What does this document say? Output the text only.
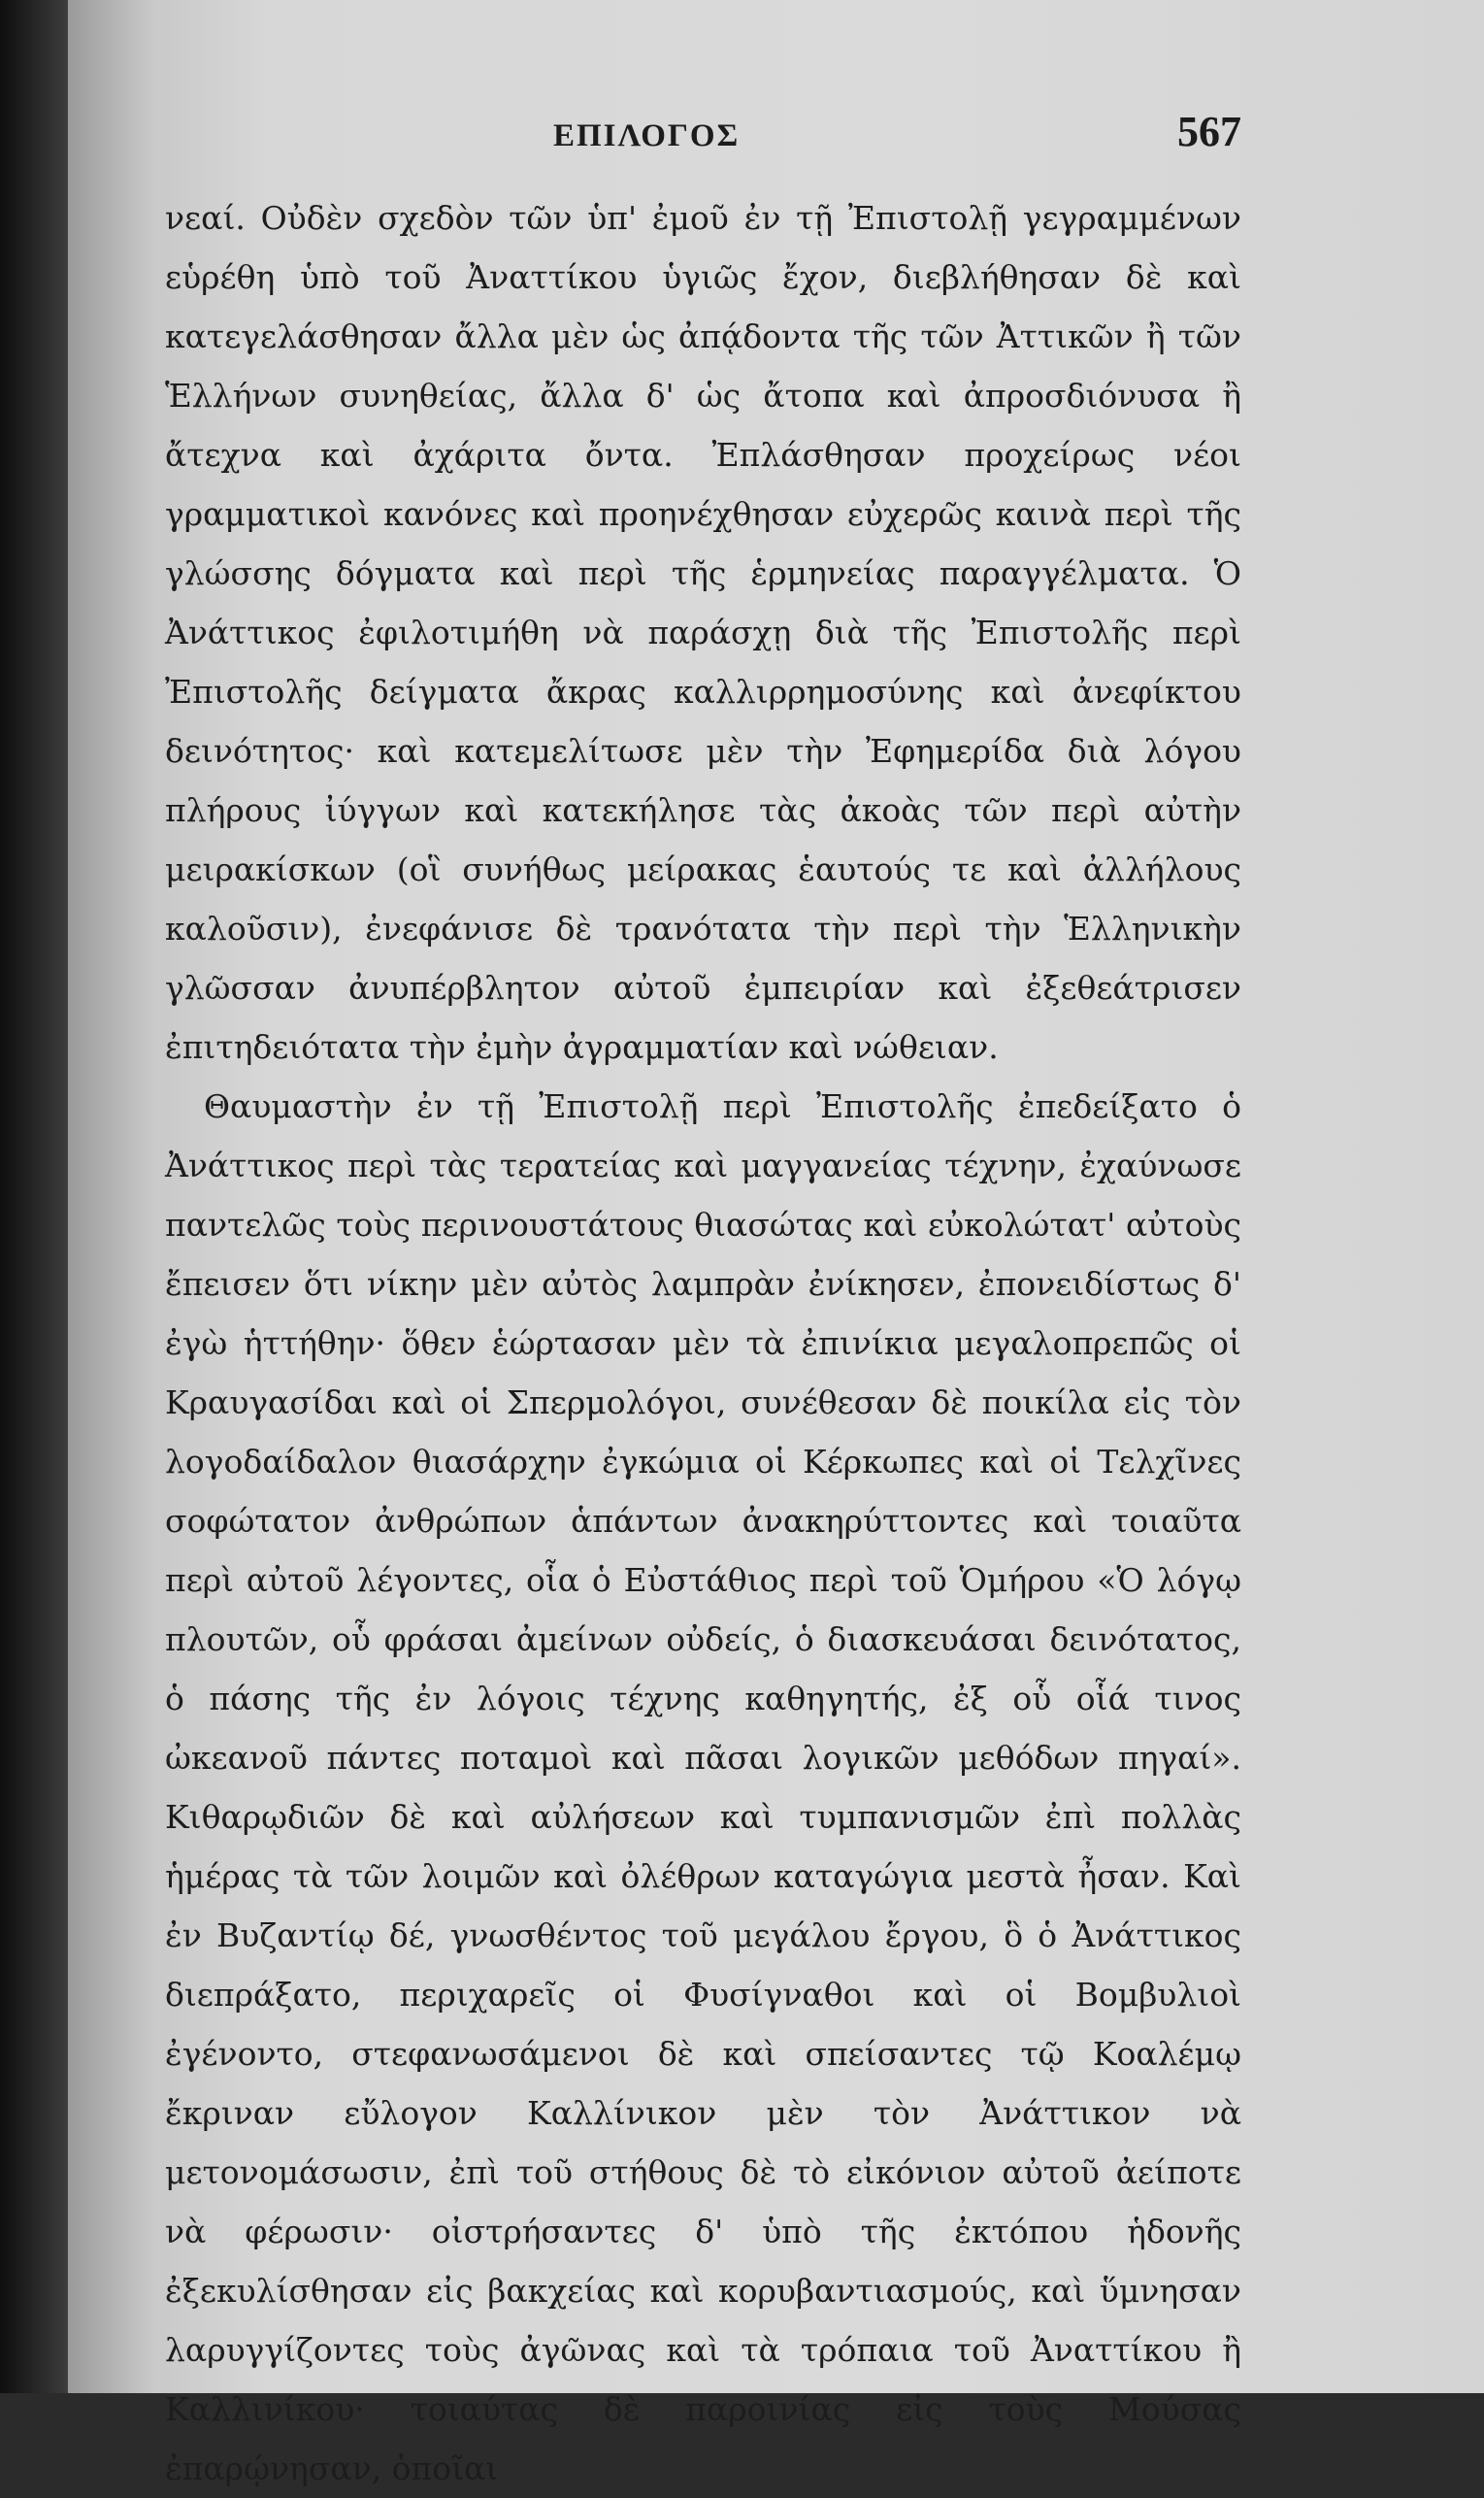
ΕΠΙΛΟΓΟΣ	567

νεαί. Οὐδὲν σχεδὸν τῶν ὑπ' ἐμοῦ ἐν τῇ Ἐπιστολῇ γεγραμμένων εὑρέθη ὑπὸ τοῦ Ἀναττίκου ὑγιῶς ἔχον, διεβλήθησαν δὲ καὶ κατεγελάσθησαν ἄλλα μὲν ὡς ἀπᾴδοντα τῆς τῶν Ἀττικῶν ἢ τῶν Ἑλλήνων συνηθείας, ἄλλα δ' ὡς ἄτοπα καὶ ἀπροσδιόνυσα ἢ ἄτεχνα καὶ ἀχάριτα ὄντα. Ἐπλάσθησαν προχείρως νέοι γραμματικοὶ κανόνες καὶ προηνέχθησαν εὐχερῶς καινὰ περὶ τῆς γλώσσης δόγματα καὶ περὶ τῆς ἑρμηνείας παραγγέλματα. Ὁ Ἀνάττικος ἐφιλοτιμήθη νὰ παράσχῃ διὰ τῆς Ἐπιστολῆς περὶ Ἐπιστολῆς δείγματα ἄκρας καλλιρρημοσύνης καὶ ἀνεφίκτου δεινότητος· καὶ κατεμελίτωσε μὲν τὴν Ἐφημερίδα διὰ λόγου πλήρους ἰύγγων καὶ κατεκήλησε τὰς ἀκοὰς τῶν περὶ αὐτὴν μειρακίσκων (οἳ συνήθως μείρακας ἑαυτούς τε καὶ ἀλλήλους καλοῦσιν), ἐνεφάνισε δὲ τρανότατα τὴν περὶ τὴν Ἑλληνικὴν γλῶσσαν ἀνυπέρβλητον αὐτοῦ ἐμπειρίαν καὶ ἐξεθεάτρισεν ἐπιτηδειότατα τὴν ἐμὴν ἀγραμματίαν καὶ νώθειαν.

Θαυμαστὴν ἐν τῇ Ἐπιστολῇ περὶ Ἐπιστολῆς ἐπεδείξατο ὁ Ἀνάττικος περὶ τὰς τερατείας καὶ μαγγανείας τέχνην, ἐχαύνωσε παντελῶς τοὺς περινουστάτους θιασώτας καὶ εὐκολώτατ' αὐτοὺς ἔπεισεν ὅτι νίκην μὲν αὐτὸς λαμπρὰν ἐνίκησεν, ἐπονειδίστως δ' ἐγὼ ἡττήθην· ὅθεν ἑώρτασαν μὲν τὰ ἐπινίκια μεγαλοπρεπῶς οἱ Κραυγασίδαι καὶ οἱ Σπερμολόγοι, συνέθεσαν δὲ ποικίλα εἰς τὸν λογοδαίδαλον θιασάρχην ἐγκώμια οἱ Κέρκωπες καὶ οἱ Τελχῖνες σοφώτατον ἀνθρώπων ἁπάντων ἀνακηρύττοντες καὶ τοιαῦτα περὶ αὐτοῦ λέγοντες, οἷα ὁ Εὐστάθιος περὶ τοῦ Ὁμήρου «Ὁ λόγῳ πλουτῶν, οὗ φράσαι ἀμείνων οὐδείς, ὁ διασκευάσαι δεινότατος, ὁ πάσης τῆς ἐν λόγοις τέχνης καθηγητής, ἐξ οὗ οἷά τινος ὠκεανοῦ πάντες ποταμοὶ καὶ πᾶσαι λογικῶν μεθόδων πηγαί». Κιθαρῳδιῶν δὲ καὶ αὐλήσεων καὶ τυμπανισμῶν ἐπὶ πολλὰς ἡμέρας τὰ τῶν λοιμῶν καὶ ὀλέθρων καταγώγια μεστὰ ἦσαν. Καὶ ἐν Βυζαντίῳ δέ, γνωσθέντος τοῦ μεγάλου ἔργου, ὃ ὁ Ἀνάττικος διεπράξατο, περιχαρεῖς οἱ Φυσίγναθοι καὶ οἱ Βομβυλιοὶ ἐγένοντο, στεφανωσάμενοι δὲ καὶ σπείσαντες τῷ Κοαλέμῳ ἔκριναν εὔλογον Καλλίνικον μὲν τὸν Ἀνάττικον νὰ μετονομάσωσιν, ἐπὶ τοῦ στήθους δὲ τὸ εἰκόνιον αὐτοῦ ἀείποτε νὰ φέρωσιν· οἰστρήσαντες δ' ὑπὸ τῆς ἐκτόπου ἡδονῆς ἐξεκυλίσθησαν εἰς βακχείας καὶ κορυβαντιασμούς, καὶ ὕμνησαν λαρυγγίζοντες τοὺς ἀγῶνας καὶ τὰ τρόπαια τοῦ Ἀναττίκου ἢ Καλλινίκου· τοιαύτας δὲ παροινίας εἰς τοὺς Μούσας ἐπαρῴνησαν, ὁποῖαι
